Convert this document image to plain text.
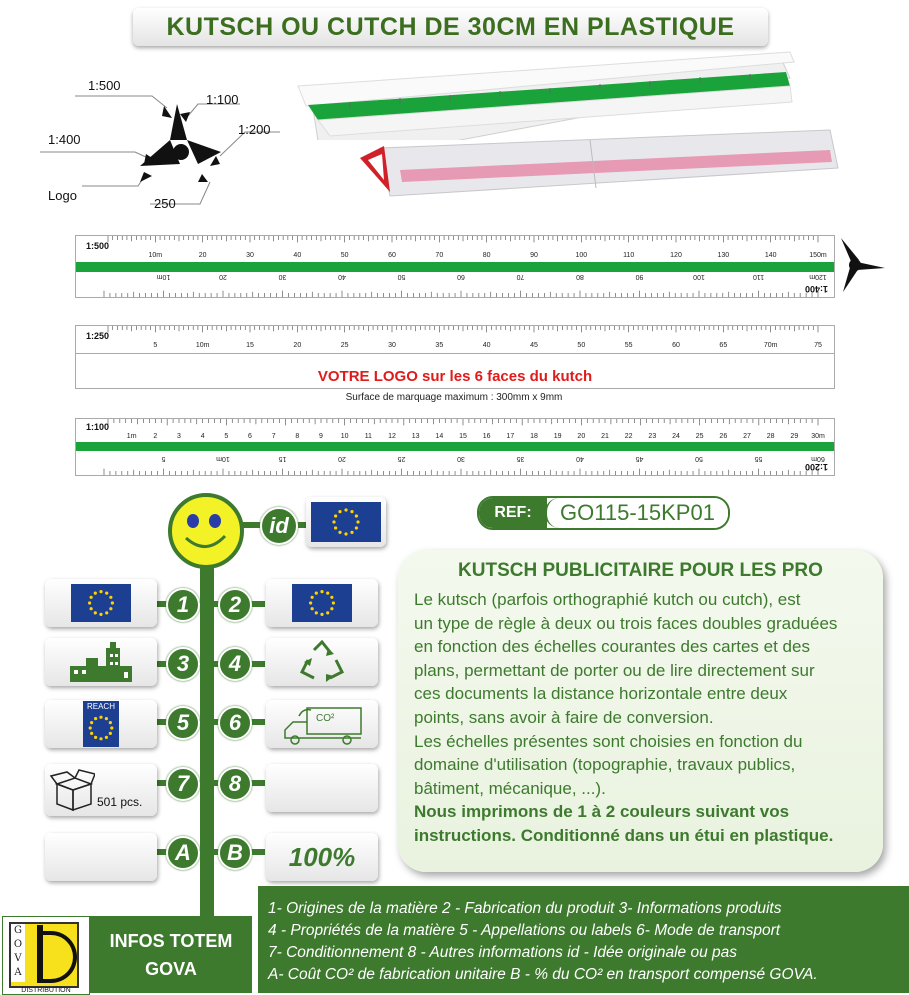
KUTSCH OU CUTCH DE 30CM EN PLASTIQUE
1:500
1:100
1:400
1:200
Logo
250
10m	20	30	40	50	60	70	80	90	100	110	120	130	140	150m
10m	20	30	40	50	60	70	80	90	100	110	120m
1:500
1:400
5	10m	15	20	25	30	35	40	45	50	55	60	65	70m	75
1:250
VOTRE LOGO sur les 6 faces du kutch
Surface de marquage maximum : 300mm x 9mm
1m 2	3	4	5	6	7	8	9	10 11 12 13 14 15 16 17 18 19 20 21 22 23 24 25 26 27 28 29 30m
5	10m	15	20	25	30	35	40	45	50	55	60m
1:100
1:200
REF:	GO115-15KP01
id
1	2
3	4
REACH
5	6	CO²
501 pcs.
7	8
A	B	100%
KUTSCH PUBLICITAIRE POUR LES PRO
Le kutsch (parfois orthographié kutch ou cutch), est
un type de règle à deux ou trois faces doubles graduées
en fonction des échelles courantes des cartes et des
plans, permettant de porter ou de lire directement sur
ces documents la distance horizontale entre deux
points, sans avoir à faire de conversion.
Les échelles présentes sont choisies en fonction du
domaine d'utilisation (topographie, travaux publics,
bâtiment, mécanique, ...).
Nous imprimons de 1 à 2 couleurs suivant vos
instructions. Conditionné dans un étui en plastique.
GOVA
DISTRIBUTION
INFOS TOTEM
GOVA
1- Origines de la matière 2 - Fabrication du produit 3- Informations produits
4 - Propriétés de la matière 5 - Appellations ou labels 6- Mode de transport
7- Conditionnement 8 - Autres informations id - Idée originale ou pas
A- Coût CO² de fabrication unitaire B - % du CO² en transport compensé GOVA.
